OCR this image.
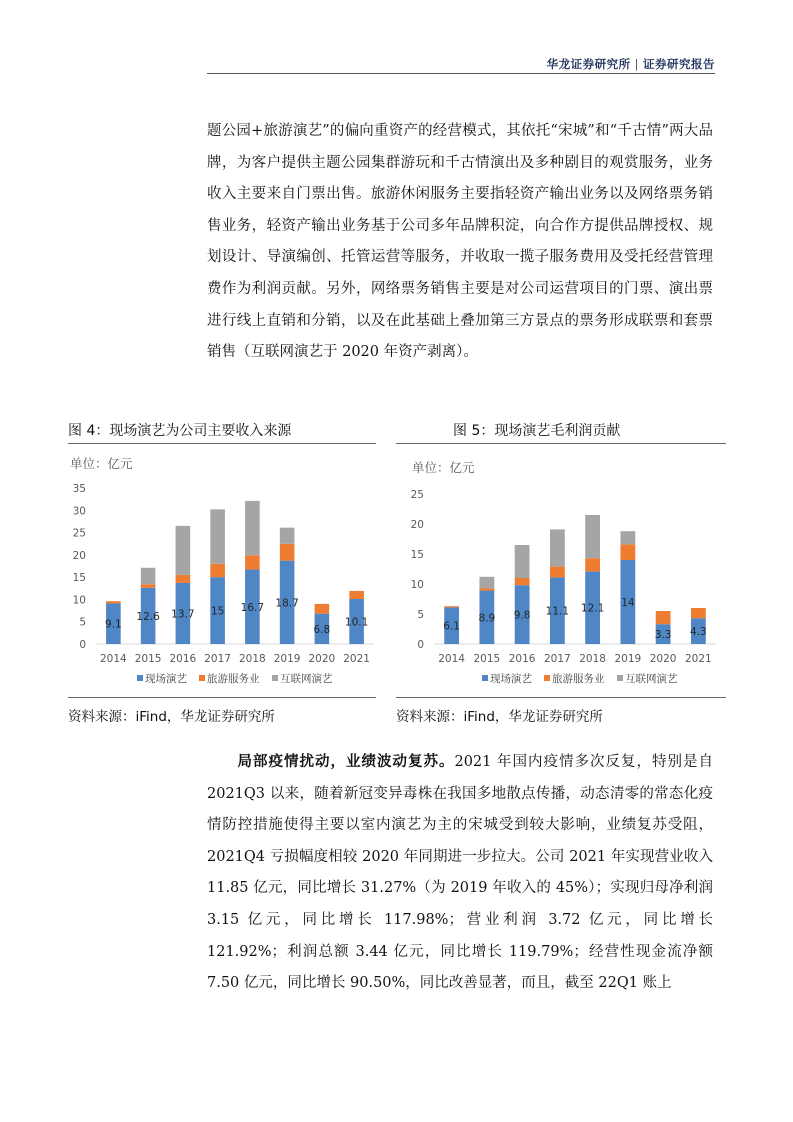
华龙证券研究所 | 证券研究报告

题公园+旅游演艺”的偏向重资产的经营模式，其依托“宋城”和“千古情”两大品牌，为客户提供主题公园集群游玩和千古情演出及多种剧目的观赏服务，业务收入主要来自门票出售。旅游休闲服务主要指轻资产输出业务以及网络票务销售业务，轻资产输出业务基于公司多年品牌积淀，向合作方提供品牌授权、规划设计、导演编创、托管运营等服务，并收取一揽子服务费用及受托经营管理费作为利润贡献。另外，网络票务销售主要是对公司运营项目的门票、演出票进行线上直销和分销，以及在此基础上叠加第三方景点的票务形成联票和套票销售（互联网演艺于 2020 年资产剥离）。

图 4：现场演艺为公司主要收入来源	图 5：现场演艺毛利润贡献
单位：亿元
0
5
10
15
20
25
30
35
9.1
2014
12.6
2015
13.7
2016
15
2017
16.7
2018
18.7
2019
6.8
2020
10.1
2021
现场演艺 旅游服务业 互联网演艺
单位：亿元
0
5
10
15
20
25
6.1
2014
8.9
2015
9.8
2016
11.1
2017
12.1
2018
14
2019
3.3
2020
4.3
2021
现场演艺 旅游服务业 互联网演艺
资料来源：iFind，华龙证券研究所	资料来源：iFind，华龙证券研究所

局部疫情扰动，业绩波动复苏。2021 年国内疫情多次反复，特别是自 2021Q3 以来，随着新冠变异毒株在我国多地散点传播，动态清零的常态化疫情防控措施使得主要以室内演艺为主的宋城受到较大影响，业绩复苏受阻，2021Q4 亏损幅度相较 2020 年同期进一步拉大。公司 2021 年实现营业收入 11.85 亿元，同比增长 31.27%（为 2019 年收入的 45%）；实现归母净利润 3.15 亿元，同比增长 117.98%；营业利润 3.72 亿元，同比增长 121.92%；利润总额 3.44 亿元，同比增长 119.79%；经营性现金流净额 7.50 亿元，同比增长 90.50%，同比改善显著，而且，截至 22Q1 账上
